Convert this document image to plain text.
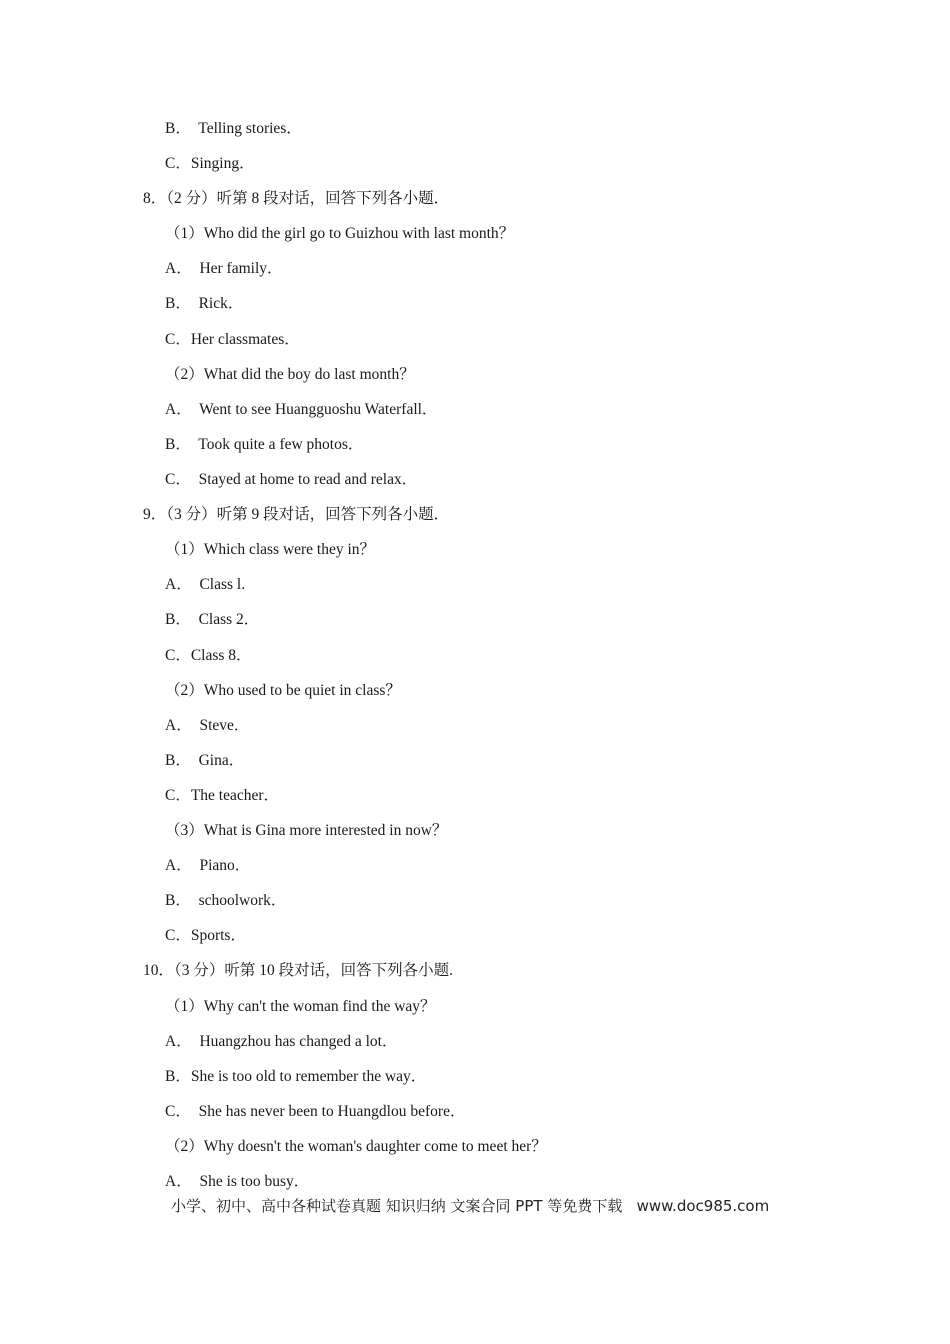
B．  Telling stories．
C．Singing．
8．（2 分）听第 8 段对话，回答下列各小题．
（1）Who did the girl go to Guizhou with last month？
A．  Her family．
B．  Rick．
C．Her classmates．
（2）What did the boy do last month？
A．  Went to see Huangguoshu Waterfall．
B．  Took quite a few photos．
C．  Stayed at home to read and relax．
9．（3 分）听第 9 段对话，回答下列各小题．
（1）Which class were they in？
A．  Class l.
B．  Class 2．
C．Class 8．
（2）Who used to be quiet in class？
A．  Steve．
B．  Gina．
C．The teacher．
（3）What is Gina more interested in now？
A．  Piano．
B．  schoolwork．
C．Sports．
10．（3 分）听第 10 段对话，回答下列各小题.
（1）Why can't the woman find the way？
A．  Huangzhou has changed a lot．
B．She is too old to remember the way．
C．  She has never been to Huangdlou before．
（2）Why doesn't the woman's daughter come to meet her？
A．  She is too busy．
小学、初中、高中各种试卷真题 知识归纳 文案合同 PPT 等免费下载   www.doc985.com
